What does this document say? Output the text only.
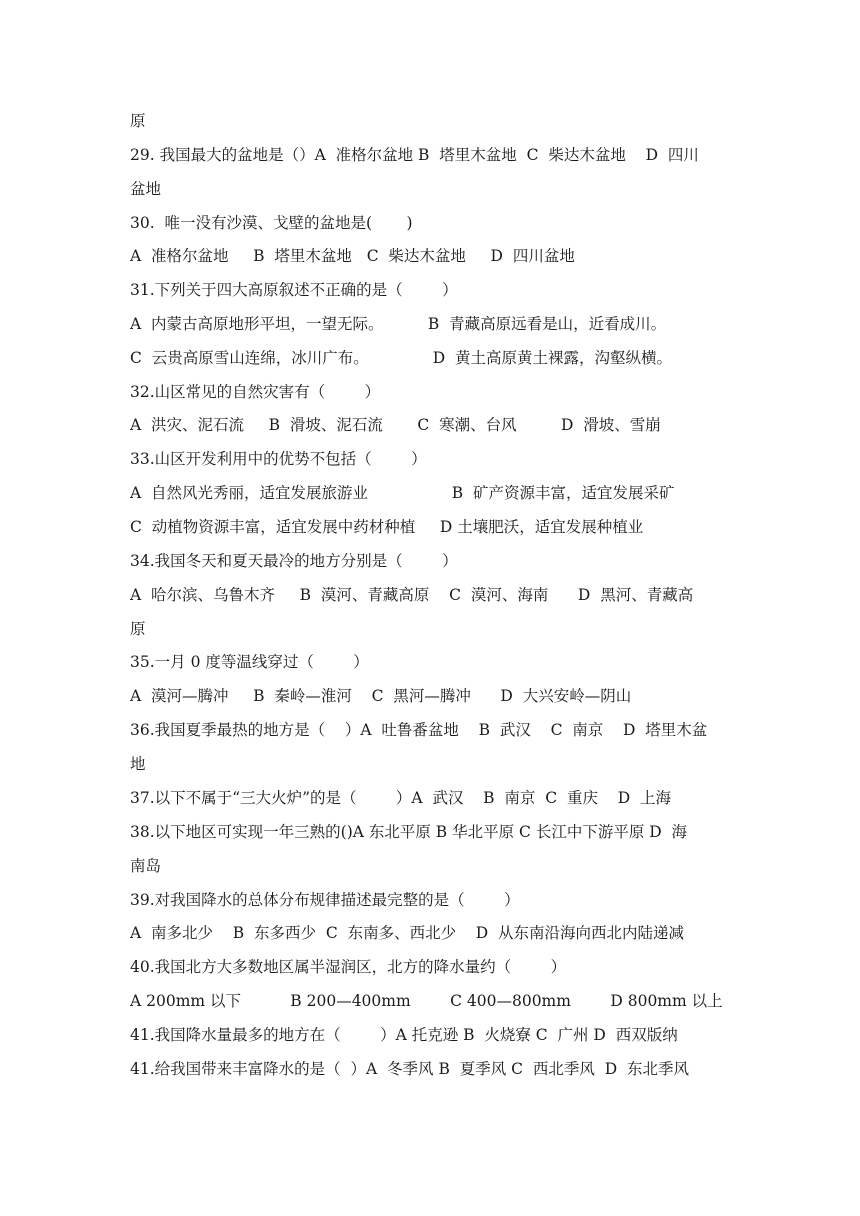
原
29. 我国最大的盆地是（）A  准格尔盆地 B  塔里木盆地  C  柴达木盆地    D  四川
盆地
30.  唯一没有沙漠、戈壁的盆地是(       )
A  准格尔盆地     B  塔里木盆地   C  柴达木盆地     D  四川盆地
31.下列关于四大高原叙述不正确的是（        ）
A  内蒙古高原地形平坦，一望无际。         B  青藏高原远看是山，近看成川。
C  云贵高原雪山连绵，冰川广布。             D  黄土高原黄土裸露，沟壑纵横。
32.山区常见的自然灾害有（        ）
A  洪灾、泥石流     B  滑坡、泥石流       C  寒潮、台风         D  滑坡、雪崩
33.山区开发利用中的优势不包括（        ）
A  自然风光秀丽，适宜发展旅游业                 B  矿产资源丰富，适宜发展采矿
C  动植物资源丰富，适宜发展中药材种植     D 土壤肥沃，适宜发展种植业
34.我国冬天和夏天最冷的地方分别是（        ）
A  哈尔滨、乌鲁木齐     B  漠河、青藏高原    C  漠河、海南      D  黑河、青藏高
原
35.一月 0 度等温线穿过（        ）
A  漠河—腾冲     B  秦岭—淮河    C  黑河—腾冲      D  大兴安岭—阴山
36.我国夏季最热的地方是（    ）A  吐鲁番盆地    B  武汉    C  南京    D  塔里木盆
地
37.以下不属于“三大火炉”的是（        ）A  武汉    B  南京  C  重庆    D  上海
38.以下地区可实现一年三熟的()A 东北平原 B 华北平原 C 长江中下游平原 D  海
南岛
39.对我国降水的总体分布规律描述最完整的是（        ）
A  南多北少    B  东多西少  C  东南多、西北少    D  从东南沿海向西北内陆递减
40.我国北方大多数地区属半湿润区，北方的降水量约（        ）
A 200mm 以下          B 200—400mm        C 400—800mm        D 800mm 以上
41.我国降水量最多的地方在（        ）A 托克逊 B  火烧寮 C  广州 D  西双版纳
41.给我国带来丰富降水的是（  ）A  冬季风 B  夏季风 C  西北季风  D  东北季风
